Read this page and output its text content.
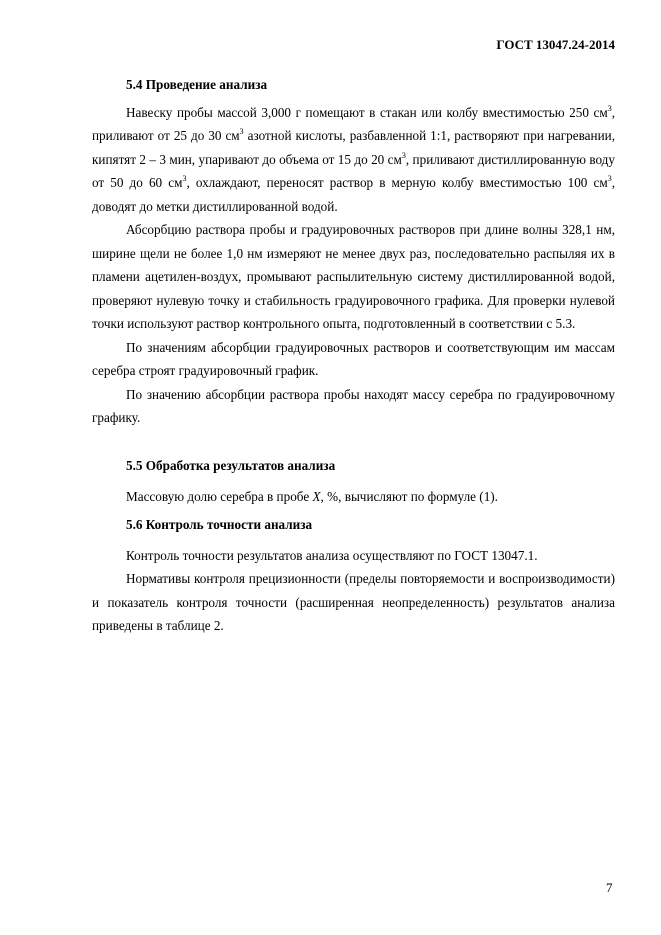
ГОСТ 13047.24-2014

5.4 Проведение анализа

Навеску пробы массой 3,000 г помещают в стакан или колбу вместимостью 250 $см^3$, приливают от 25 до 30 $см^3$ азотной кислоты, разбавленной 1:1, растворяют при нагревании, кипятят 2 – 3 мин, упаривают до объема от 15 до 20 $см^3$, приливают дистиллированную воду от 50 до 60 $см^3$, охлаждают, переносят раствор в мерную колбу вместимостью 100 $см^3$, доводят до метки дистиллированной водой.

Абсорбцию раствора пробы и градуировочных растворов при длине волны 328,1 нм, ширине щели не более 1,0 нм измеряют не менее двух раз, последовательно распыляя их в пламени ацетилен-воздух, промывают распылительную систему дистиллированной водой, проверяют нулевую точку и стабильность градуировочного графика. Для проверки нулевой точки используют раствор контрольного опыта, подготовленный в соответствии с 5.3.

По значениям абсорбции градуировочных растворов и соответствующим им массам серебра строят градуировочный график.

По значению абсорбции раствора пробы находят массу серебра по градуировочному графику.

5.5 Обработка результатов анализа

Массовую долю серебра в пробе X, %, вычисляют по формуле (1).

5.6 Контроль точности анализа

Контроль точности результатов анализа осуществляют по ГОСТ 13047.1.

Нормативы контроля прецизионности (пределы повторяемости и воспроизводимости) и показатель контроля точности (расширенная неопределенность) результатов анализа приведены в таблице 2.

7
